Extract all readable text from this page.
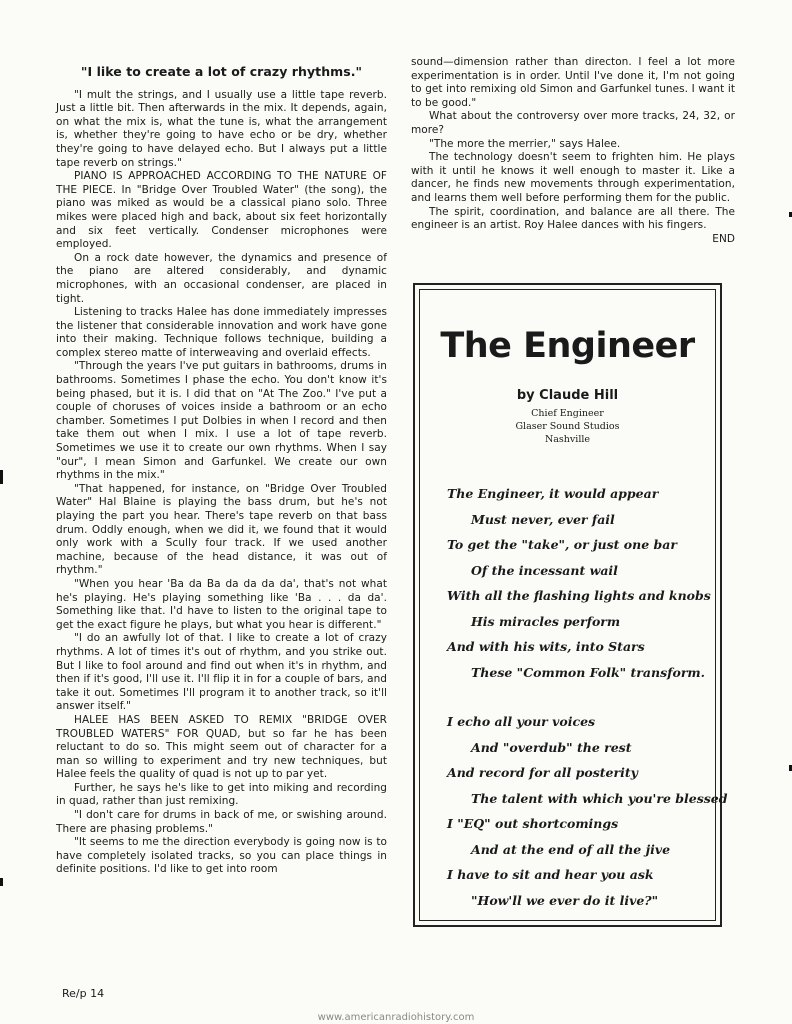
"I like to create a lot of crazy rhythms."

"I mult the strings, and I usually use a little tape reverb. Just a little bit. Then afterwards in the mix. It depends, again, on what the mix is, what the tune is, what the arrangement is, whether they're going to have echo or be dry, whether they're going to have delayed echo. But I always put a little tape reverb on strings."

PIANO IS APPROACHED ACCORDING TO THE NATURE OF THE PIECE. In "Bridge Over Troubled Water" (the song), the piano was miked as would be a classical piano solo. Three mikes were placed high and back, about six feet horizontally and six feet vertically. Condenser microphones were employed.

On a rock date however, the dynamics and presence of the piano are altered considerably, and dynamic microphones, with an occasional condenser, are placed in tight.

Listening to tracks Halee has done immediately impresses the listener that considerable innovation and work have gone into their making. Technique follows technique, building a complex stereo matte of interweaving and overlaid effects.

"Through the years I've put guitars in bathrooms, drums in bathrooms. Sometimes I phase the echo. You don't know it's being phased, but it is. I did that on "At The Zoo." I've put a couple of choruses of voices inside a bathroom or an echo chamber. Sometimes I put Dolbies in when I record and then take them out when I mix. I use a lot of tape reverb. Sometimes we use it to create our own rhythms. When I say "our", I mean Simon and Garfunkel. We create our own rhythms in the mix."

"That happened, for instance, on "Bridge Over Troubled Water" Hal Blaine is playing the bass drum, but he's not playing the part you hear. There's tape reverb on that bass drum. Oddly enough, when we did it, we found that it would only work with a Scully four track. If we used another machine, because of the head distance, it was out of rhythm."

"When you hear 'Ba da Ba da da da da', that's not what he's playing. He's playing something like 'Ba . . . da da'. Something like that. I'd have to listen to the original tape to get the exact figure he plays, but what you hear is different."

"I do an awfully lot of that. I like to create a lot of crazy rhythms. A lot of times it's out of rhythm, and you strike out. But I like to fool around and find out when it's in rhythm, and then if it's good, I'll use it. I'll flip it in for a couple of bars, and take it out. Sometimes I'll program it to another track, so it'll answer itself."

HALEE HAS BEEN ASKED TO REMIX "BRIDGE OVER TROUBLED WATERS" FOR QUAD, but so far he has been reluctant to do so. This might seem out of character for a man so willing to experiment and try new techniques, but Halee feels the quality of quad is not up to par yet.

Further, he says he's like to get into miking and recording in quad, rather than just remixing.

"I don't care for drums in back of me, or swishing around. There are phasing problems."

"It seems to me the direction everybody is going now is to have completely isolated tracks, so you can place things in definite positions. I'd like to get into room

sound—dimension rather than directon. I feel a lot more experimentation is in order. Until I've done it, I'm not going to get into remixing old Simon and Garfunkel tunes. I want it to be good."

What about the controversy over more tracks, 24, 32, or more?

"The more the merrier," says Halee.

The technology doesn't seem to frighten him. He plays with it until he knows it well enough to master it. Like a dancer, he finds new movements through experimentation, and learns them well before performing them for the public.

The spirit, coordination, and balance are all there. The engineer is an artist. Roy Halee dances with his fingers.

END

The Engineer

by Claude Hill

Chief Engineer

Glaser Sound Studios

Nashville

The Engineer, it would appear

Must never, ever fail

To get the "take", or just one bar

Of the incessant wail

With all the flashing lights and knobs

His miracles perform

And with his wits, into Stars

These "Common Folk" transform.

I echo all your voices

And "overdub" the rest

And record for all posterity

The talent with which you're blessed

I "EQ" out shortcomings

And at the end of all the jive

I have to sit and hear you ask

"How'll we ever do it live?"

Re/p 14

www.americanradiohistory.com
